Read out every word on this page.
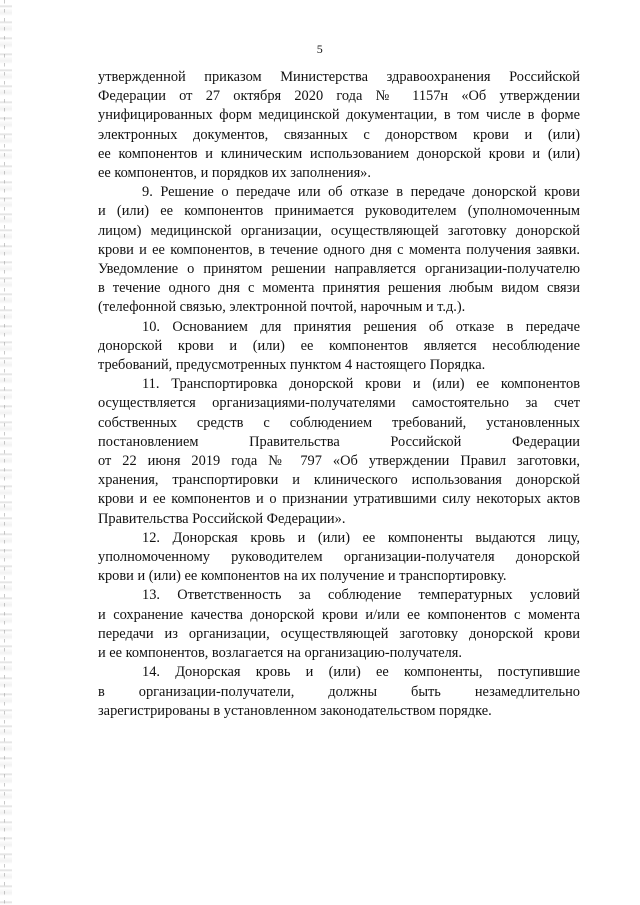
5
утвержденной приказом Министерства здравоохранения Российской
Федерации от 27 октября 2020 года № 1157н «Об утверждении
унифицированных форм медицинской документации, в том числе в форме
электронных документов, связанных с донорством крови и (или)
ее компонентов и клиническим использованием донорской крови и (или)
ее компонентов, и порядков их заполнения».
9. Решение о передаче или об отказе в передаче донорской крови
и (или) ее компонентов принимается руководителем (уполномоченным
лицом) медицинской организации, осуществляющей заготовку донорской
крови и ее компонентов, в течение одного дня с момента получения заявки.
Уведомление о принятом решении направляется организации-получателю
в течение одного дня с момента принятия решения любым видом связи
(телефонной связью, электронной почтой, нарочным и т.д.).
10. Основанием для принятия решения об отказе в передаче
донорской крови и (или) ее компонентов является несоблюдение
требований, предусмотренных пунктом 4 настоящего Порядка.
11. Транспортировка донорской крови и (или) ее компонентов
осуществляется организациями-получателями самостоятельно за счет
собственных средств с соблюдением требований, установленных
постановлением Правительства Российской Федерации
от 22 июня 2019 года № 797 «Об утверждении Правил заготовки,
хранения, транспортировки и клинического использования донорской
крови и ее компонентов и о признании утратившими силу некоторых актов
Правительства Российской Федерации».
12. Донорская кровь и (или) ее компоненты выдаются лицу,
уполномоченному руководителем организации-получателя донорской
крови и (или) ее компонентов на их получение и транспортировку.
13. Ответственность за соблюдение температурных условий
и сохранение качества донорской крови и/или ее компонентов с момента
передачи из организации, осуществляющей заготовку донорской крови
и ее компонентов, возлагается на организацию-получателя.
14. Донорская кровь и (или) ее компоненты, поступившие
в организации-получатели, должны быть незамедлительно
зарегистрированы в установленном законодательством порядке.
